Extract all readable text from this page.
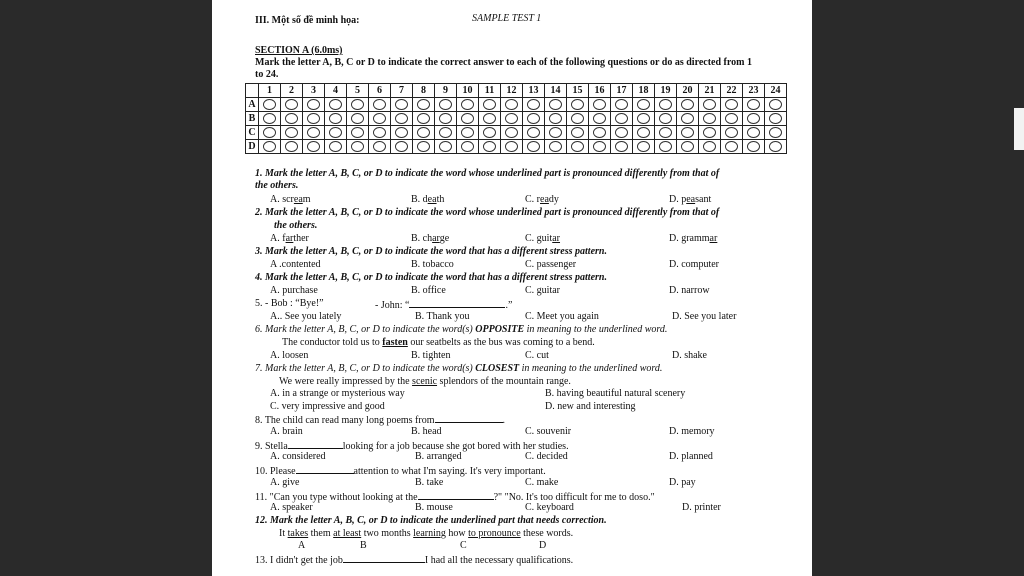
III. Một số đề minh họa:	SAMPLE TEST 1
SECTION A (6.0ms)
Mark the letter A, B, C or D to indicate the correct answer to each of the following questions or do as directed from 1
to 24.
	1	2	3	4	5	6	7	8	9	10	11	12	13	14	15	16	17	18	19	20	21	22	23	24
A																								
B																								
C																								
D																								
1. Mark the letter A, B, C, or D to indicate the word whose underlined part is pronounced differently from that of
the others.
A. scream	B. death	C. ready	D. peasant
2. Mark the letter A, B, C, or D to indicate the word whose underlined part is pronounced differently from that of
the others.
A. farther	B. charge	C. guitar	D. grammar
3. Mark the letter A, B, C, or D to indicate the word that has a different stress pattern.
A .contented	B. tobacco	C. passenger	D. computer
4. Mark the letter A, B, C, or D to indicate the word that has a different stress pattern.
A. purchase	B. office	C. guitar	D. narrow
5. - Bob : “Bye!”	- John: “	.”
A.. See you lately	B. Thank you	C. Meet you again	D. See you later
6. Mark the letter A, B, C, or D to indicate the word(s) OPPOSITE in meaning to the underlined word.
The conductor told us to fasten our seatbelts as the bus was coming to a bend.
A. loosen	B. tighten	C. cut	D. shake
7. Mark the letter A, B, C, or D to indicate the word(s) CLOSEST in meaning to the underlined word.
We were really impressed by the scenic splendors of the mountain range.
A. in a strange or mysterious way	B. having beautiful natural scenery
C. very impressive and good	D. new and interesting
8. The child can read many long poems from	.
A. brain	B. head	C. souvenir	D. memory
9. Stella	looking for a job because she got bored with her studies.
A. considered	B. arranged	C. decided	D. planned
10. Please	attention to what I'm saying. It's very important.
A. give	B. take	C. make	D. pay
11. "Can you type without looking at the	?" "No. It's too difficult for me to doso."
A. speaker	B. mouse	C. keyboard	D. printer
12. Mark the letter A, B, C, or D to indicate the underlined part that needs correction.
It takes them at least two months learning how to pronounce these words.
A	B	C	D
13. I didn't get the job	I had all the necessary qualifications.
